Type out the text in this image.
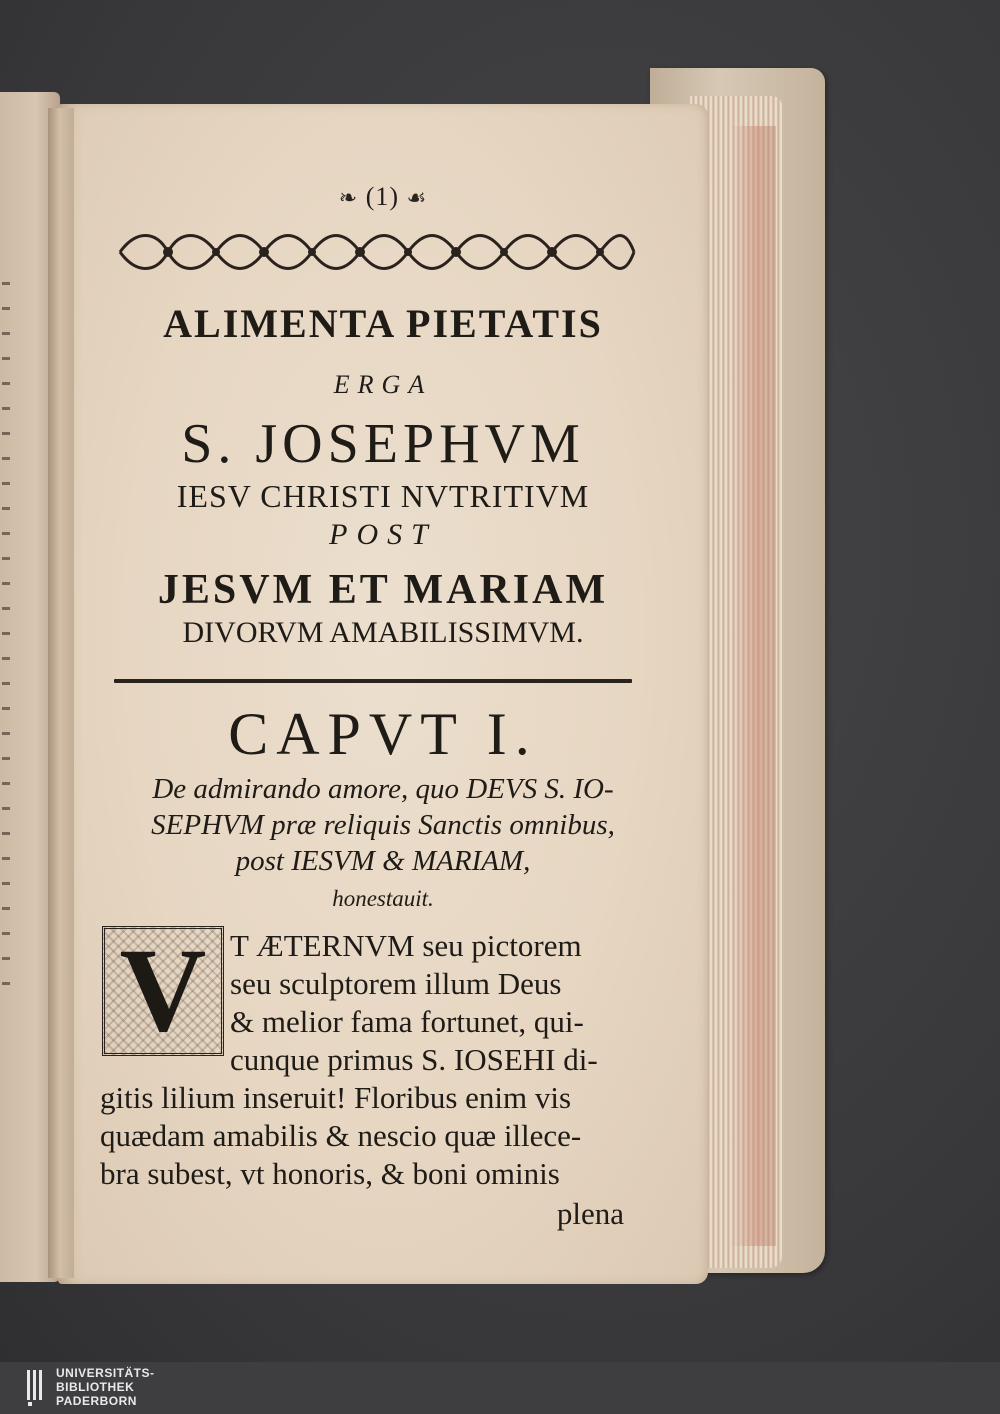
❧ (1) ☙
ALIMENTA PIETATIS
ERGA
S. JOSEPHVM
IESV CHRISTI NVTRITIVM
POST
JESVM ET MARIAM
DIVORVM AMABILISSIMVM.
CAPVT I.
De admirando amore, quo DEVS S. IO-
SEPHVM præ reliquis Sanctis omnibus,
post IESVM & MARIAM,
honestauit.
V T ÆTERNVM seu pictorem
seu sculptorem illum Deus
& melior fama fortunet, qui-
cunque primus S. IOSEHI di-
gitis lilium inseruit! Floribus enim vis
quædam amabilis & nescio quæ illece-
bra subest, vt honoris, & boni ominis
plena
UNIVERSITÄTS-
BIBLIOTHEK
PADERBORN
